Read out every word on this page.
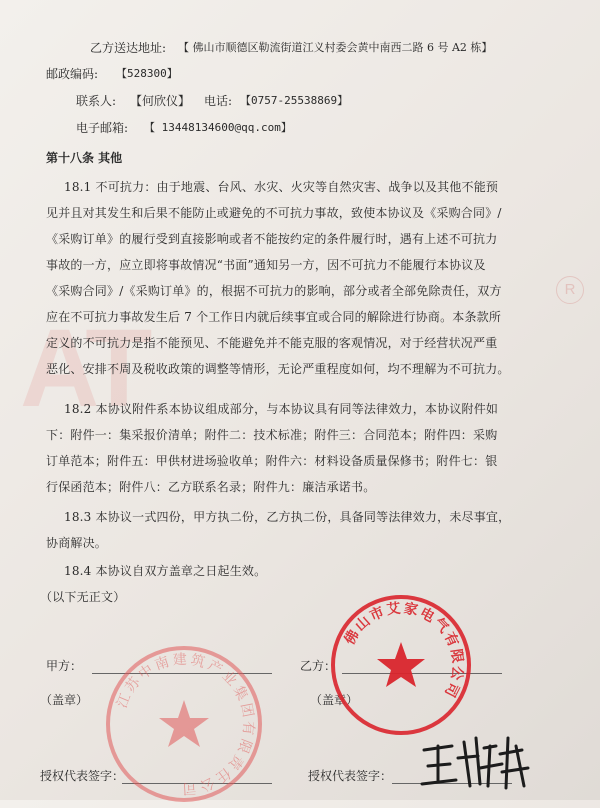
AT
R
乙方送达地址: 【 佛山市顺德区勒流街道江义村委会黄中南西二路 6 号 A2 栋】
邮政编码: 【528300】
联系人: 【何欣仪】 电话: 【0757-25538869】
电子邮箱: 【 13448134600@qq.com】
第十八条 其他
18.1 不可抗力：由于地震、台风、水灾、火灾等自然灾害、战争以及其他不能预
见并且对其发生和后果不能防止或避免的不可抗力事故，致使本协议及《采购合同》/
《采购订单》的履行受到直接影响或者不能按约定的条件履行时，遇有上述不可抗力
事故的一方，应立即将事故情况“书面”通知另一方，因不可抗力不能履行本协议及
《采购合同》/《采购订单》的，根据不可抗力的影响，部分或者全部免除责任，双方
应在不可抗力事故发生后 7 个工作日内就后续事宜或合同的解除进行协商。本条款所
定义的不可抗力是指不能预见、不能避免并不能克服的客观情况，对于经营状况严重
恶化、安排不周及税收政策的调整等情形，无论严重程度如何，均不理解为不可抗力。
18.2 本协议附件系本协议组成部分，与本协议具有同等法律效力，本协议附件如
下：附件一：集采报价清单；附件二：技术标准；附件三：合同范本；附件四：采购
订单范本；附件五：甲供材进场验收单；附件六：材料设备质量保修书；附件七：银
行保函范本；附件八：乙方联系名录；附件九：廉洁承诺书。
18.3 本协议一式四份，甲方执二份，乙方执二份，具备同等法律效力，未尽事宜，
协商解决。
18.4 本协议自双方盖章之日起生效。
（以下无正文）
甲方：	乙方：
（盖章）	（盖章）
授权代表签字：	授权代表签字：
江苏中南建筑产业集团有限责任公司
佛山市艾家电气有限公司
